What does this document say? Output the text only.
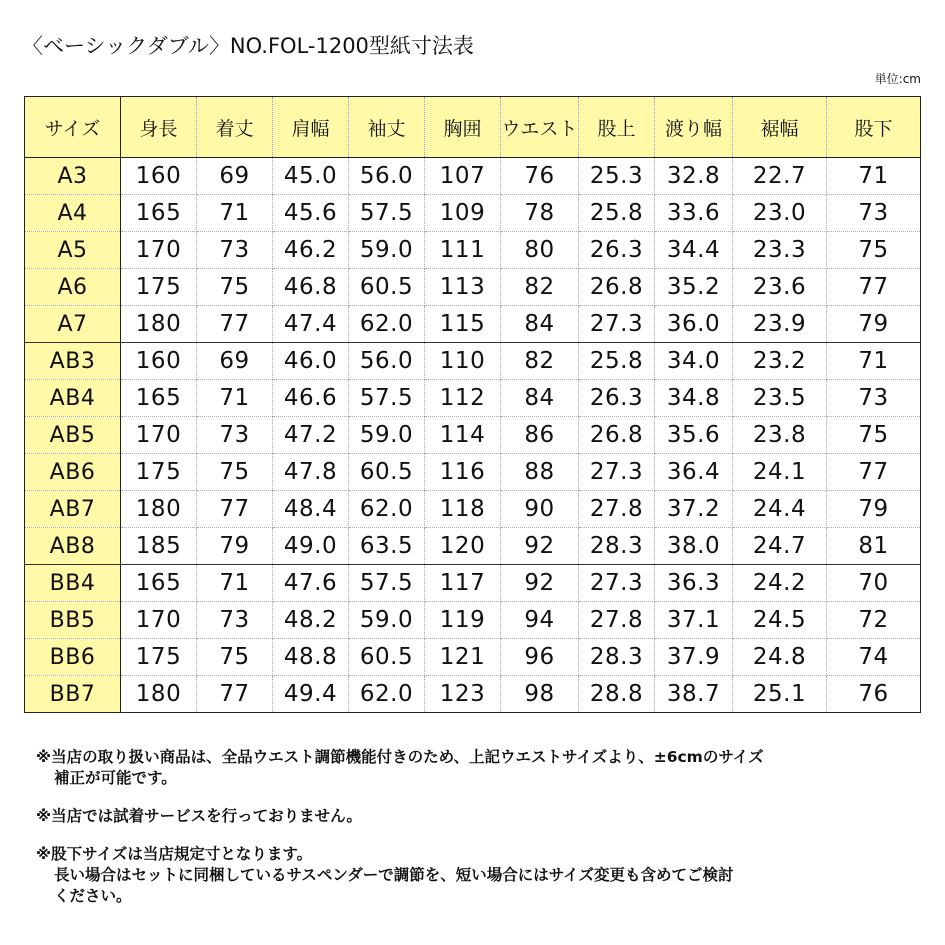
〈ベーシックダブル〉NO.FOL-1200型紙寸法表
単位:cm
サイズ	身長	着丈	肩幅	袖丈	胸囲	ウエスト	股上	渡り幅	裾幅	股下
A3	160	69	45.0	56.0	107	76	25.3	32.8	22.7	71
A4	165	71	45.6	57.5	109	78	25.8	33.6	23.0	73
A5	170	73	46.2	59.0	111	80	26.3	34.4	23.3	75
A6	175	75	46.8	60.5	113	82	26.8	35.2	23.6	77
A7	180	77	47.4	62.0	115	84	27.3	36.0	23.9	79
AB3	160	69	46.0	56.0	110	82	25.8	34.0	23.2	71
AB4	165	71	46.6	57.5	112	84	26.3	34.8	23.5	73
AB5	170	73	47.2	59.0	114	86	26.8	35.6	23.8	75
AB6	175	75	47.8	60.5	116	88	27.3	36.4	24.1	77
AB7	180	77	48.4	62.0	118	90	27.8	37.2	24.4	79
AB8	185	79	49.0	63.5	120	92	28.3	38.0	24.7	81
BB4	165	71	47.6	57.5	117	92	27.3	36.3	24.2	70
BB5	170	73	48.2	59.0	119	94	27.8	37.1	24.5	72
BB6	175	75	48.8	60.5	121	96	28.3	37.9	24.8	74
BB7	180	77	49.4	62.0	123	98	28.8	38.7	25.1	76
※当店の取り扱い商品は、全品ウエスト調節機能付きのため、上記ウエストサイズより、±6cmのサイズ
補正が可能です。
※当店では試着サービスを行っておりません。
※股下サイズは当店規定寸となります。
長い場合はセットに同梱しているサスペンダーで調節を、短い場合にはサイズ変更も含めてご検討
ください。
